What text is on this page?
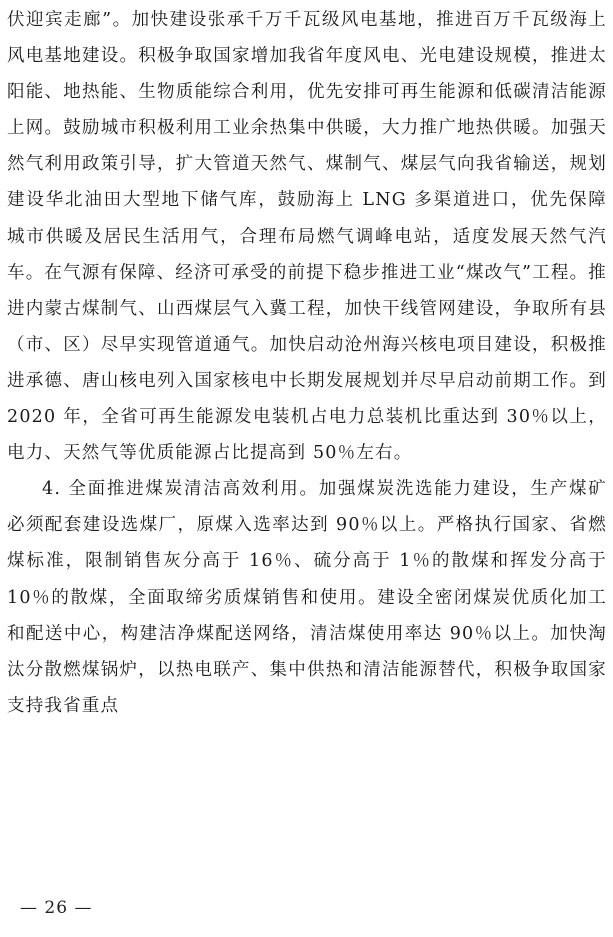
伏迎宾走廊”。加快建设张承千万千瓦级风电基地，推进百万千瓦级海上风电基地建设。积极争取国家增加我省年度风电、光电建设规模，推进太阳能、地热能、生物质能综合利用，优先安排可再生能源和低碳清洁能源上网。鼓励城市积极利用工业余热集中供暖，大力推广地热供暖。加强天然气利用政策引导，扩大管道天然气、煤制气、煤层气向我省输送，规划建设华北油田大型地下储气库，鼓励海上 LNG 多渠道进口，优先保障城市供暖及居民生活用气，合理布局燃气调峰电站，适度发展天然气汽车。在气源有保障、经济可承受的前提下稳步推进工业“煤改气”工程。推进内蒙古煤制气、山西煤层气入冀工程，加快干线管网建设，争取所有县（市、区）尽早实现管道通气。加快启动沧州海兴核电项目建设，积极推进承德、唐山核电列入国家核电中长期发展规划并尽早启动前期工作。到 2020 年，全省可再生能源发电装机占电力总装机比重达到 30％以上，电力、天然气等优质能源占比提高到 50％左右。

4. 全面推进煤炭清洁高效利用。加强煤炭洗选能力建设，生产煤矿必须配套建设选煤厂，原煤入选率达到 90％以上。严格执行国家、省燃煤标准，限制销售灰分高于 16％、硫分高于 1％的散煤和挥发分高于 10％的散煤，全面取缔劣质煤销售和使用。建设全密闭煤炭优质化加工和配送中心，构建洁净煤配送网络，清洁煤使用率达 90％以上。加快淘汰分散燃煤锅炉，以热电联产、集中供热和清洁能源替代，积极争取国家支持我省重点

— 26 —
